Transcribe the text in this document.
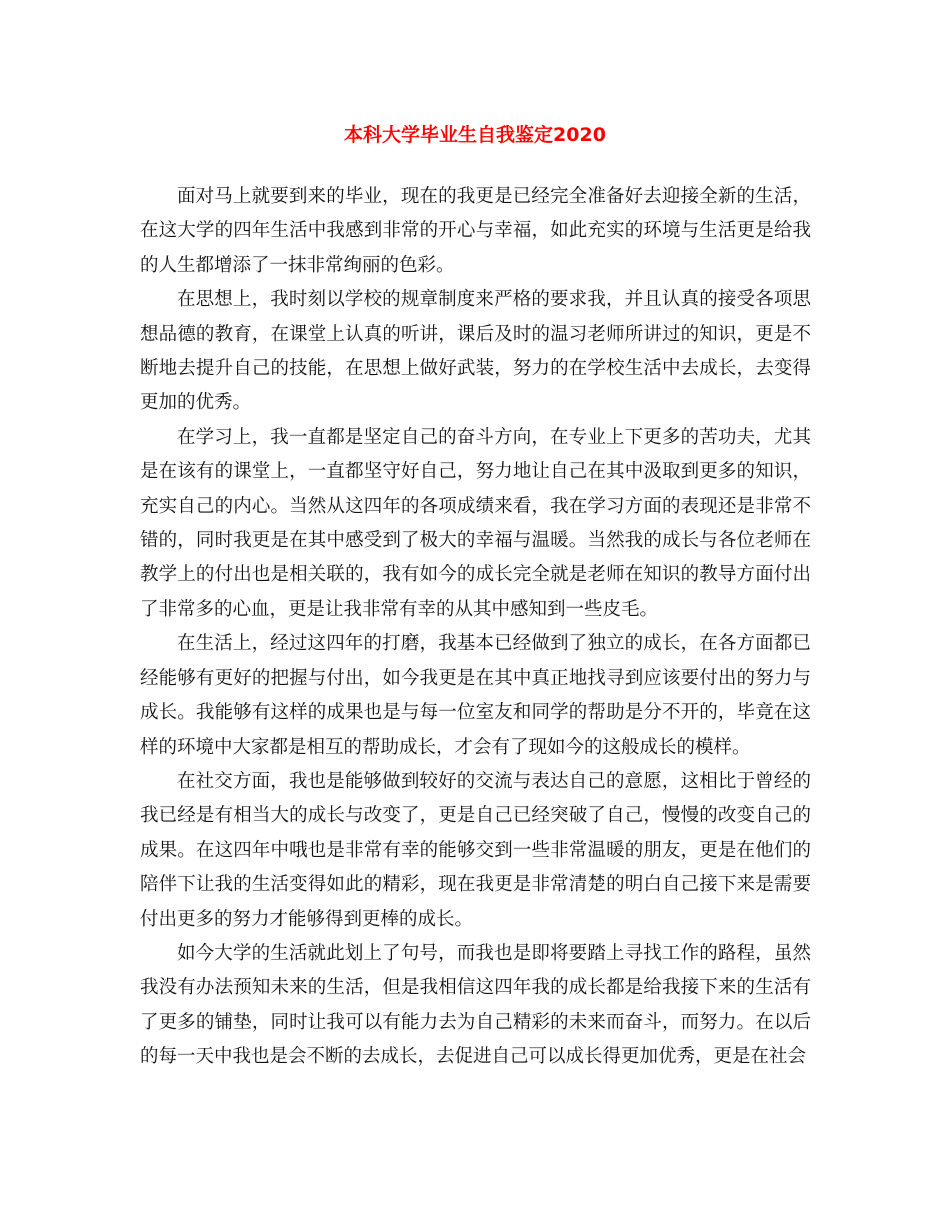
本科大学毕业生自我鉴定2020

面对马上就要到来的毕业，现在的我更是已经完全准备好去迎接全新的生活，在这大学的四年生活中我感到非常的开心与幸福，如此充实的环境与生活更是给我的人生都增添了一抹非常绚丽的色彩。

在思想上，我时刻以学校的规章制度来严格的要求我，并且认真的接受各项思想品德的教育，在课堂上认真的听讲，课后及时的温习老师所讲过的知识，更是不断地去提升自己的技能，在思想上做好武装，努力的在学校生活中去成长，去变得更加的优秀。

在学习上，我一直都是坚定自己的奋斗方向，在专业上下更多的苦功夫，尤其是在该有的课堂上，一直都坚守好自己，努力地让自己在其中汲取到更多的知识，充实自己的内心。当然从这四年的各项成绩来看，我在学习方面的表现还是非常不错的，同时我更是在其中感受到了极大的幸福与温暖。当然我的成长与各位老师在教学上的付出也是相关联的，我有如今的成长完全就是老师在知识的教导方面付出了非常多的心血，更是让我非常有幸的从其中感知到一些皮毛。

在生活上，经过这四年的打磨，我基本已经做到了独立的成长，在各方面都已经能够有更好的把握与付出，如今我更是在其中真正地找寻到应该要付出的努力与成长。我能够有这样的成果也是与每一位室友和同学的帮助是分不开的，毕竟在这样的环境中大家都是相互的帮助成长，才会有了现如今的这般成长的模样。

在社交方面，我也是能够做到较好的交流与表达自己的意愿，这相比于曾经的我已经是有相当大的成长与改变了，更是自己已经突破了自己，慢慢的改变自己的成果。在这四年中哦也是非常有幸的能够交到一些非常温暖的朋友，更是在他们的陪伴下让我的生活变得如此的精彩，现在我更是非常清楚的明白自己接下来是需要付出更多的努力才能够得到更棒的成长。

如今大学的生活就此划上了句号，而我也是即将要踏上寻找工作的路程，虽然我没有办法预知未来的生活，但是我相信这四年我的成长都是给我接下来的生活有了更多的铺垫，同时让我可以有能力去为自己精彩的未来而奋斗，而努力。在以后的每一天中我也是会不断的去成长，去促进自己可以成长得更加优秀，更是在社会
